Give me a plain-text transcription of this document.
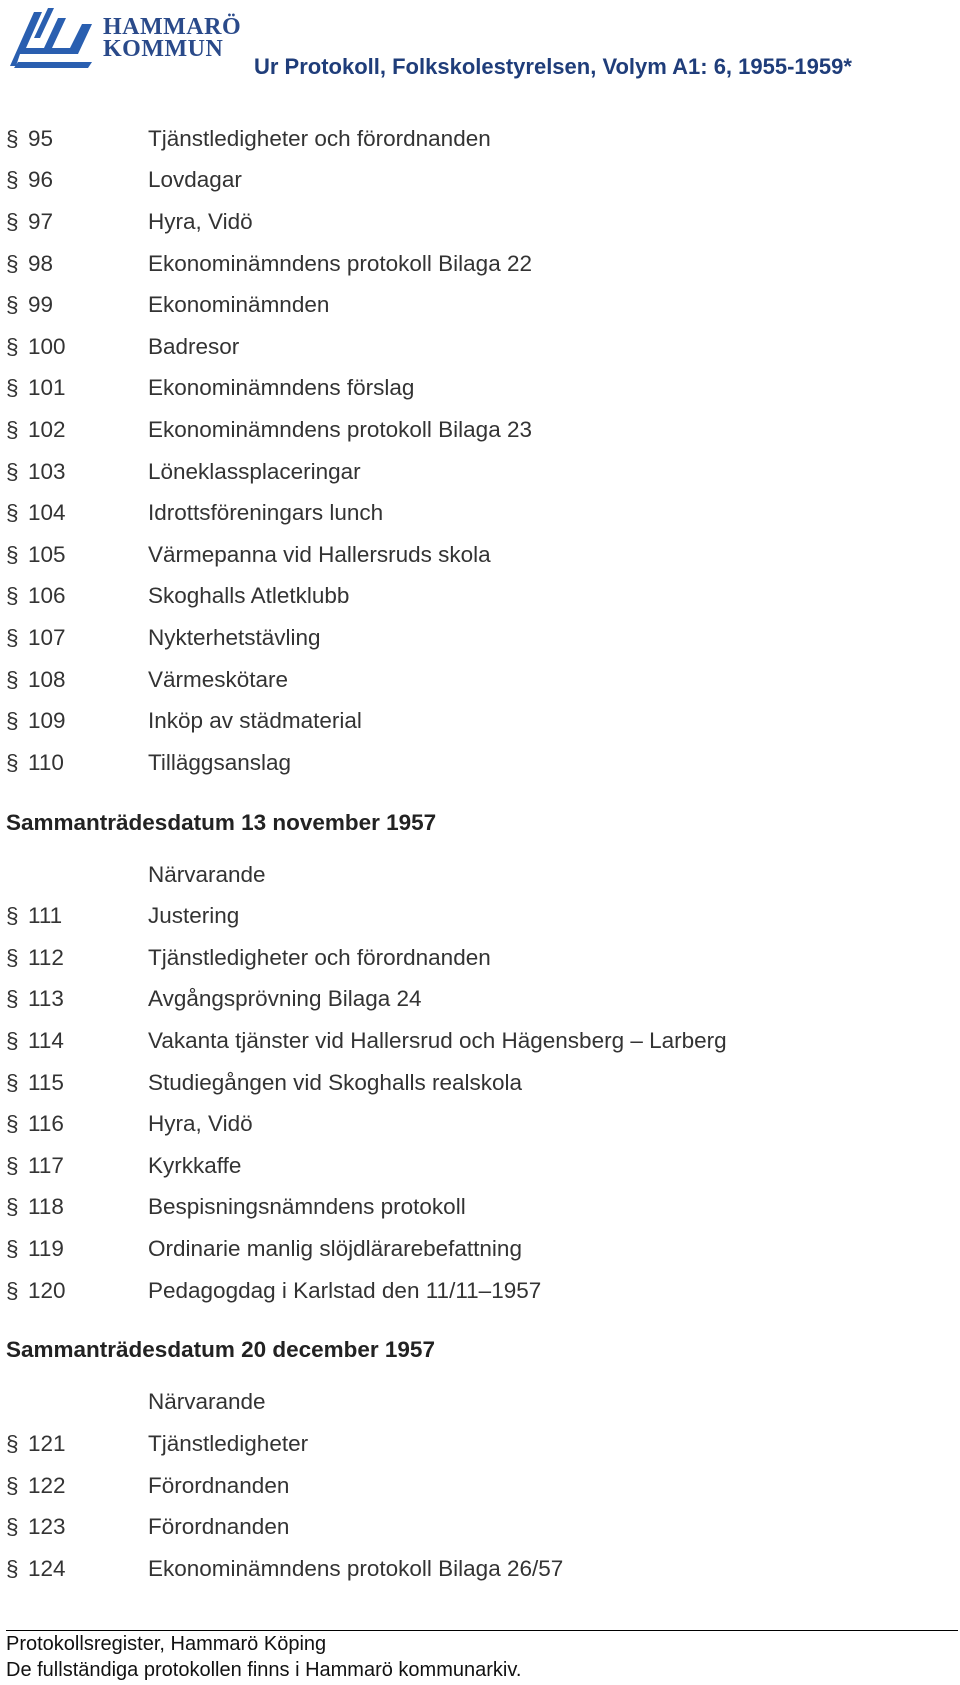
HAMMARÖ
KOMMUN
Ur Protokoll, Folkskolestyrelsen, Volym A1: 6, 1955-1959*
§ 95	Tjänstledigheter och förordnanden
§ 96	Lovdagar
§ 97	Hyra, Vidö
§ 98	Ekonominämndens protokoll Bilaga 22
§ 99	Ekonominämnden
§ 100	Badresor
§ 101	Ekonominämndens förslag
§ 102	Ekonominämndens protokoll Bilaga 23
§ 103	Löneklassplaceringar
§ 104	Idrottsföreningars lunch
§ 105	Värmepanna vid Hallersruds skola
§ 106	Skoghalls Atletklubb
§ 107	Nykterhetstävling
§ 108	Värmeskötare
§ 109	Inköp av städmaterial
§ 110	Tilläggsanslag
Sammanträdesdatum 13 november 1957
Närvarande
§ 111	Justering
§ 112	Tjänstledigheter och förordnanden
§ 113	Avgångsprövning Bilaga 24
§ 114	Vakanta tjänster vid Hallersrud och Hägensberg – Larberg
§ 115	Studiegången vid Skoghalls realskola
§ 116	Hyra, Vidö
§ 117	Kyrkkaffe
§ 118	Bespisningsnämndens protokoll
§ 119	Ordinarie manlig slöjdlärarebefattning
§ 120	Pedagogdag i Karlstad den 11/11–1957
Sammanträdesdatum 20 december 1957
Närvarande
§ 121	Tjänstledigheter
§ 122	Förordnanden
§ 123	Förordnanden
§ 124	Ekonominämndens protokoll Bilaga 26/57
Protokollsregister, Hammarö Köping
De fullständiga protokollen finns i Hammarö kommunarkiv.
